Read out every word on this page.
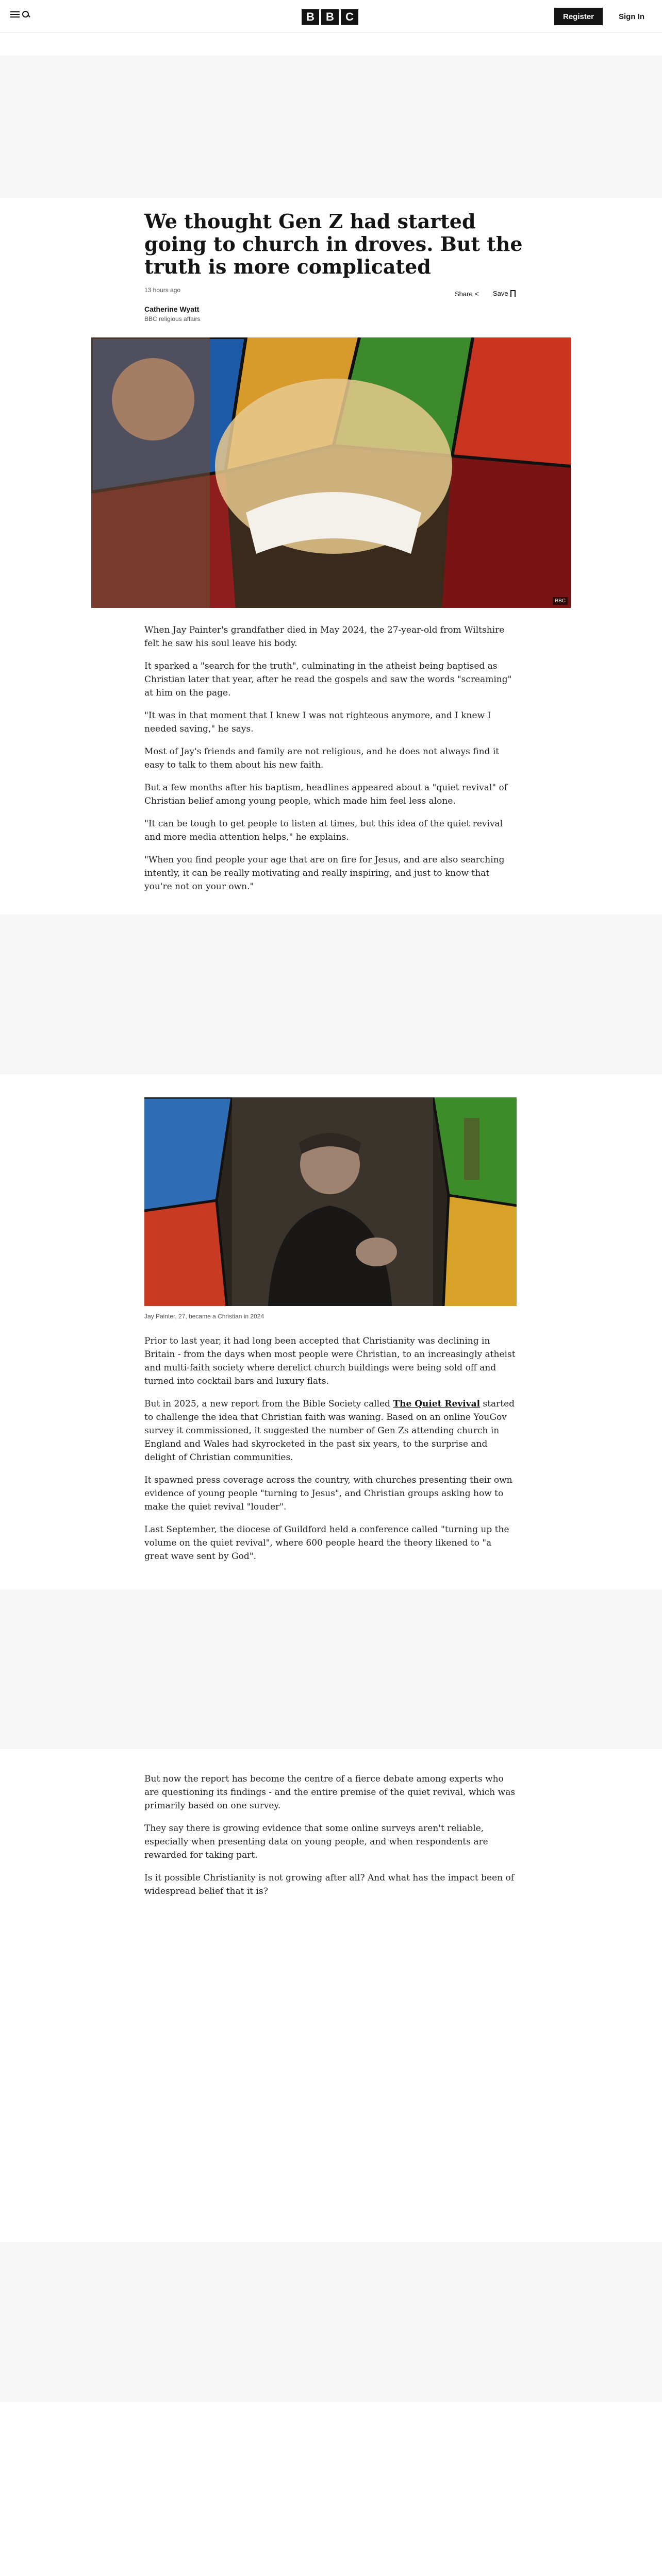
B	B	C	Register	Sign In
We thought Gen Z had started going to church in droves. But the truth is more complicated
13 hours ago	Share < Save
Catherine Wyatt
BBC religious affairs
BBC

When Jay Painter's grandfather died in May 2024, the 27-year-old from Wiltshire felt he saw his soul leave his body.

It sparked a "search for the truth", culminating in the atheist being baptised as Christian later that year, after he read the gospels and saw the words "screaming" at him on the page.

"It was in that moment that I knew I was not righteous anymore, and I knew I needed saving," he says.

Most of Jay's friends and family are not religious, and he does not always find it easy to talk to them about his new faith.

But a few months after his baptism, headlines appeared about a "quiet revival" of Christian belief among young people, which made him feel less alone.

"It can be tough to get people to listen at times, but this idea of the quiet revival and more media attention helps," he explains.

"When you find people your age that are on fire for Jesus, and are also searching intently, it can be really motivating and really inspiring, and just to know that you're not on your own."

Jay Painter, 27, became a Christian in 2024

Prior to last year, it had long been accepted that Christianity was declining in Britain - from the days when most people were Christian, to an increasingly atheist and multi-faith society where derelict church buildings were being sold off and turned into cocktail bars and luxury flats.

But in 2025, a new report from the Bible Society called The Quiet Revival started to challenge the idea that Christian faith was waning. Based on an online YouGov survey it commissioned, it suggested the number of Gen Zs attending church in England and Wales had skyrocketed in the past six years, to the surprise and delight of Christian communities.

It spawned press coverage across the country, with churches presenting their own evidence of young people "turning to Jesus", and Christian groups asking how to make the quiet revival "louder".

Last September, the diocese of Guildford held a conference called "turning up the volume on the quiet revival", where 600 people heard the theory likened to "a great wave sent by God".

But now the report has become the centre of a fierce debate among experts who are questioning its findings - and the entire premise of the quiet revival, which was primarily based on one survey.

They say there is growing evidence that some online surveys aren't reliable, especially when presenting data on young people, and when respondents are rewarded for taking part.

Is it possible Christianity is not growing after all? And what has the impact been of widespread belief that it is?
